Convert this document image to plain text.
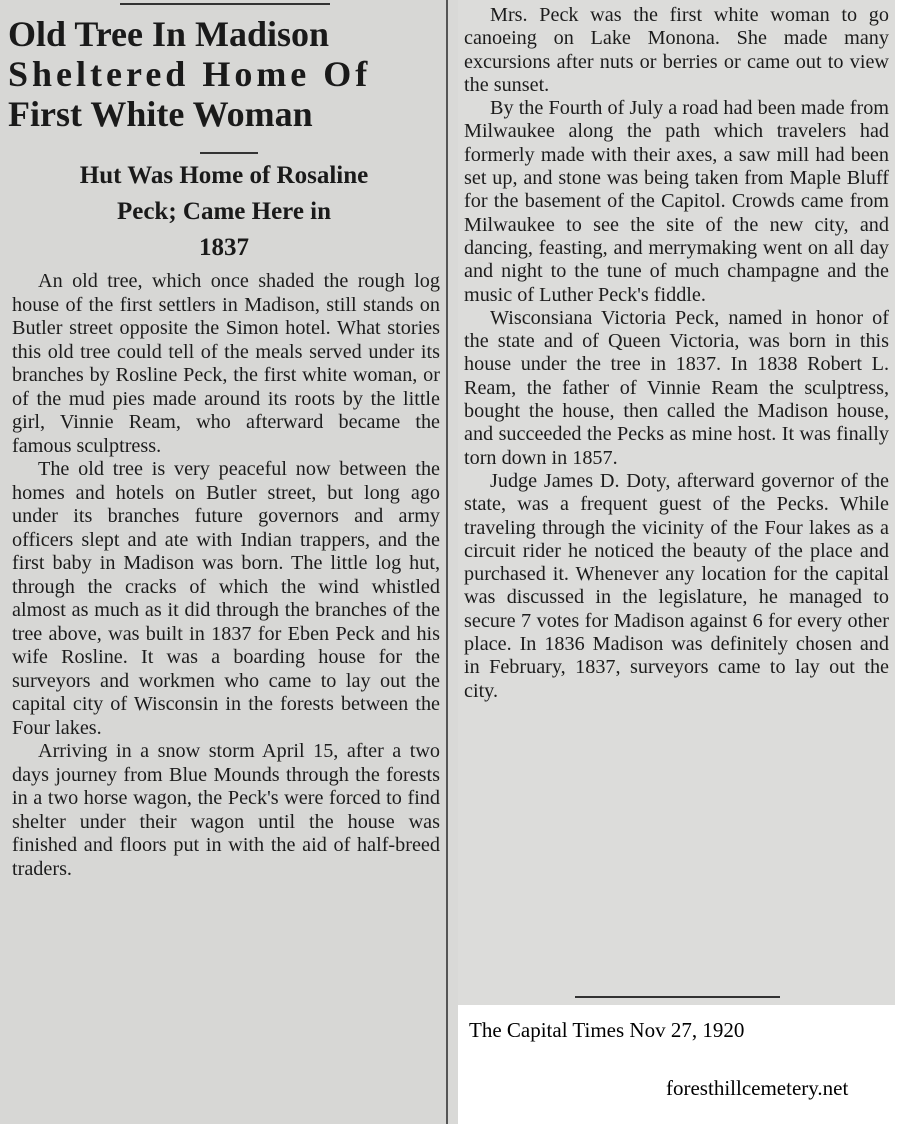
Old Tree In Madison
Sheltered Home Of
First White Woman
Hut Was Home of Rosaline
Peck; Came Here in
1837

An old tree, which once shaded the rough log house of the first settlers in Madison, still stands on Butler street opposite the Simon hotel. What stories this old tree could tell of the meals served under its branches by Rosline Peck, the first white woman, or of the mud pies made around its roots by the little girl, Vinnie Ream, who afterward became the famous sculptress.

The old tree is very peaceful now between the homes and hotels on Butler street, but long ago under its branches future governors and army officers slept and ate with Indian trappers, and the first baby in Madison was born. The little log hut, through the cracks of which the wind whistled almost as much as it did through the branches of the tree above, was built in 1837 for Eben Peck and his wife Rosline. It was a boarding house for the surveyors and workmen who came to lay out the capital city of Wisconsin in the forests between the Four lakes.

Arriving in a snow storm April 15, after a two days journey from Blue Mounds through the forests in a two horse wagon, the Peck's were forced to find shelter under their wagon until the house was finished and floors put in with the aid of half-breed traders.

Mrs. Peck was the first white woman to go canoeing on Lake Monona. She made many excursions after nuts or berries or came out to view the sunset.

By the Fourth of July a road had been made from Milwaukee along the path which travelers had formerly made with their axes, a saw mill had been set up, and stone was being taken from Maple Bluff for the basement of the Capitol. Crowds came from Milwaukee to see the site of the new city, and dancing, feasting, and merrymaking went on all day and night to the tune of much champagne and the music of Luther Peck's fiddle.

Wisconsiana Victoria Peck, named in honor of the state and of Queen Victoria, was born in this house under the tree in 1837. In 1838 Robert L. Ream, the father of Vinnie Ream the sculptress, bought the house, then called the Madison house, and succeeded the Pecks as mine host. It was finally torn down in 1857.

Judge James D. Doty, afterward governor of the state, was a frequent guest of the Pecks. While traveling through the vicinity of the Four lakes as a circuit rider he noticed the beauty of the place and purchased it. Whenever any location for the capital was discussed in the legislature, he managed to secure 7 votes for Madison against 6 for every other place. In 1836 Madison was definitely chosen and in February, 1837, surveyors came to lay out the city.

The Capital Times Nov 27, 1920
foresthillcemetery.net
